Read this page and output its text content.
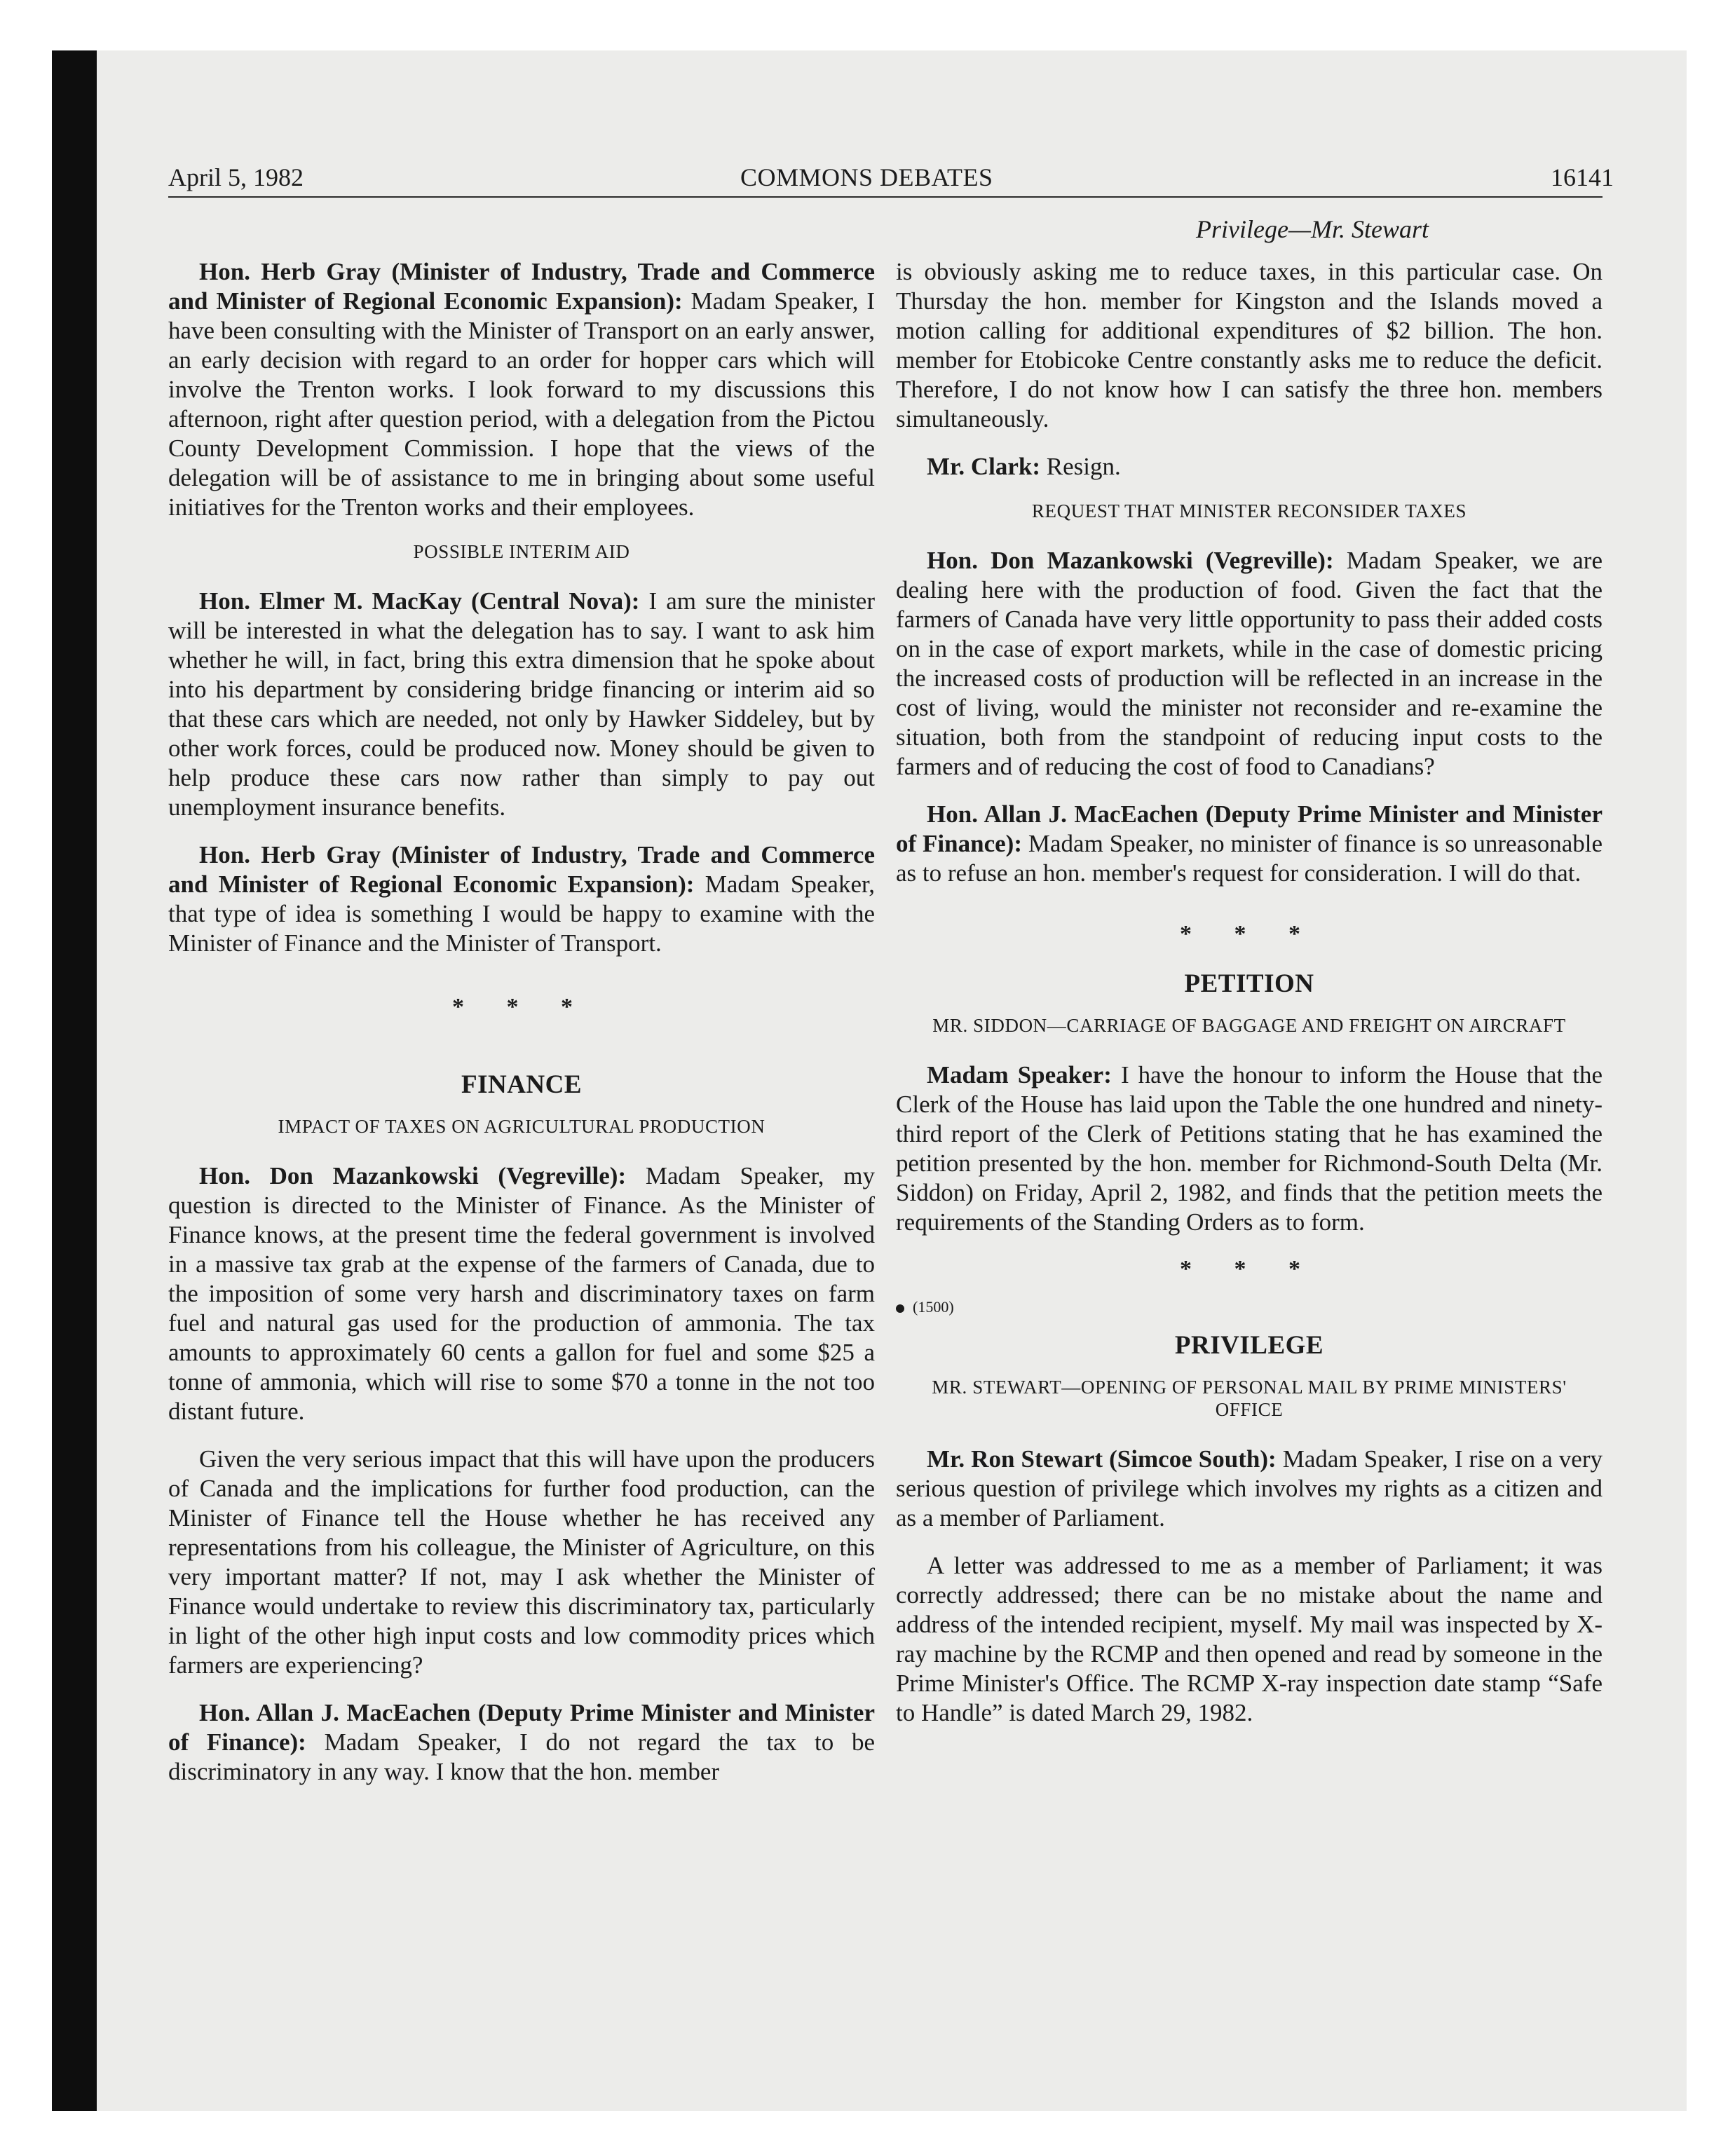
April 5, 1982	COMMONS DEBATES	16141
Privilege—Mr. Stewart

Hon. Herb Gray (Minister of Industry, Trade and Commerce and Minister of Regional Economic Expansion): Madam Speaker, I have been consulting with the Minister of Transport on an early answer, an early decision with regard to an order for hopper cars which will involve the Trenton works. I look forward to my discussions this afternoon, right after question period, with a delegation from the Pictou County Development Commission. I hope that the views of the delegation will be of assistance to me in bringing about some useful initiatives for the Trenton works and their employees.

POSSIBLE INTERIM AID

Hon. Elmer M. MacKay (Central Nova): I am sure the minister will be interested in what the delegation has to say. I want to ask him whether he will, in fact, bring this extra dimension that he spoke about into his department by considering bridge financing or interim aid so that these cars which are needed, not only by Hawker Siddeley, but by other work forces, could be produced now. Money should be given to help produce these cars now rather than simply to pay out unemployment insurance benefits.

Hon. Herb Gray (Minister of Industry, Trade and Commerce and Minister of Regional Economic Expansion): Madam Speaker, that type of idea is something I would be happy to examine with the Minister of Finance and the Minister of Transport.

* * *
FINANCE
IMPACT OF TAXES ON AGRICULTURAL PRODUCTION

Hon. Don Mazankowski (Vegreville): Madam Speaker, my question is directed to the Minister of Finance. As the Minister of Finance knows, at the present time the federal government is involved in a massive tax grab at the expense of the farmers of Canada, due to the imposition of some very harsh and discriminatory taxes on farm fuel and natural gas used for the production of ammonia. The tax amounts to approximately 60 cents a gallon for fuel and some $25 a tonne of ammonia, which will rise to some $70 a tonne in the not too distant future.

Given the very serious impact that this will have upon the producers of Canada and the implications for further food production, can the Minister of Finance tell the House whether he has received any representations from his colleague, the Minister of Agriculture, on this very important matter? If not, may I ask whether the Minister of Finance would undertake to review this discriminatory tax, particularly in light of the other high input costs and low commodity prices which farmers are experiencing?

Hon. Allan J. MacEachen (Deputy Prime Minister and Minister of Finance): Madam Speaker, I do not regard the tax to be discriminatory in any way. I know that the hon. member

is obviously asking me to reduce taxes, in this particular case. On Thursday the hon. member for Kingston and the Islands moved a motion calling for additional expenditures of $2 billion. The hon. member for Etobicoke Centre constantly asks me to reduce the deficit. Therefore, I do not know how I can satisfy the three hon. members simultaneously.

Mr. Clark: Resign.

REQUEST THAT MINISTER RECONSIDER TAXES

Hon. Don Mazankowski (Vegreville): Madam Speaker, we are dealing here with the production of food. Given the fact that the farmers of Canada have very little opportunity to pass their added costs on in the case of export markets, while in the case of domestic pricing the increased costs of production will be reflected in an increase in the cost of living, would the minister not reconsider and re-examine the situation, both from the standpoint of reducing input costs to the farmers and of reducing the cost of food to Canadians?

Hon. Allan J. MacEachen (Deputy Prime Minister and Minister of Finance): Madam Speaker, no minister of finance is so unreasonable as to refuse an hon. member's request for consideration. I will do that.

* * *
PETITION
MR. SIDDON—CARRIAGE OF BAGGAGE AND FREIGHT ON AIRCRAFT

Madam Speaker: I have the honour to inform the House that the Clerk of the House has laid upon the Table the one hundred and ninety-third report of the Clerk of Petitions stating that he has examined the petition presented by the hon. member for Richmond-South Delta (Mr. Siddon) on Friday, April 2, 1982, and finds that the petition meets the requirements of the Standing Orders as to form.

* * *
(1500)
PRIVILEGE
MR. STEWART—OPENING OF PERSONAL MAIL BY PRIME MINISTERS' OFFICE

Mr. Ron Stewart (Simcoe South): Madam Speaker, I rise on a very serious question of privilege which involves my rights as a citizen and as a member of Parliament.

A letter was addressed to me as a member of Parliament; it was correctly addressed; there can be no mistake about the name and address of the intended recipient, myself. My mail was inspected by X-ray machine by the RCMP and then opened and read by someone in the Prime Minister's Office. The RCMP X-ray inspection date stamp “Safe to Handle” is dated March 29, 1982.
